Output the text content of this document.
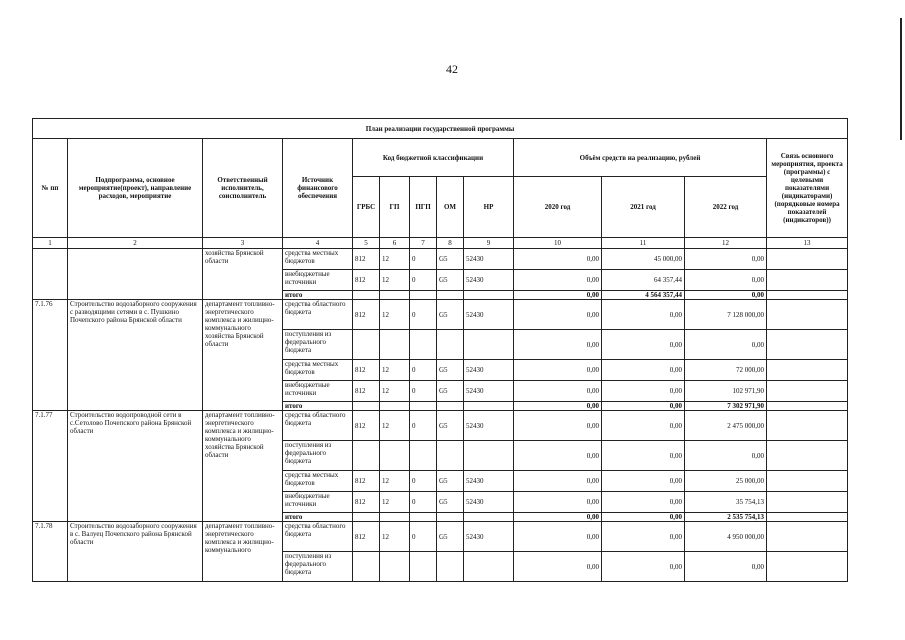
42
План реализации государственной программы												
№ пп	Подпрограмма, основное мероприятие(проект), направление расходов, мероприятие	Ответственный исполнитель, соисполнитель	Источник финансового обеспечения	Код бюджетной классификации					Объём средств на реализацию, рублей			Связь основного мероприятия, проекта (программы) с целевыми показателями (индикаторами) (порядковые номера показателей (индикаторов))
				ГРБС	ГП	ПГП	ОМ	НР	2020 год	2021 год	2022 год	
1	2	3	4	5	6	7	8	9	10	11	12	13
		хозяйства Брянской области	средства местных бюджетов	812	12	0	G5	52430	0,00	45 000,00	0,00	
			внебюджетные источники	812	12	0	G5	52430	0,00	64 357,44	0,00	
			итого						0,00	4 564 357,44	0,00	
7.1.76	Строительство водозаборного сооружения с разводящими сетями в с. Пушкино Почепского района Брянской области	департамент топливно-энергетического комплекса и жилищно-коммунального хозяйства Брянской области	средства областного бюджета	812	12	0	G5	52430	0,00	0,00	7 128 000,00	
			поступления из федерального бюджета						0,00	0,00	0,00	
			средства местных бюджетов	812	12	0	G5	52430	0,00	0,00	72 000,00	
			внебюджетные источники	812	12	0	G5	52430	0,00	0,00	102 971,90	
			итого						0,00	0,00	7 302 971,90	
7.1.77	Строительство водопроводной сети в с.Сетолово Почепского района Брянской области	департамент топливно-энергетического комплекса и жилищно-коммунального хозяйства Брянской области	средства областного бюджета	812	12	0	G5	52430	0,00	0,00	2 475 000,00	
			поступления из федерального бюджета						0,00	0,00	0,00	
			средства местных бюджетов	812	12	0	G5	52430	0,00	0,00	25 000,00	
			внебюджетные источники	812	12	0	G5	52430	0,00	0,00	35 754,13	
			итого						0,00	0,00	2 535 754,13	
7.1.78	Строительство водозаборного сооружения в с. Валуец Почепского района Брянской области	департамент топливно-энергетического комплекса и жилищно-коммунального	средства областного бюджета	812	12	0	G5	52430	0,00	0,00	4 950 000,00	
			поступления из федерального бюджета						0,00	0,00	0,00	
